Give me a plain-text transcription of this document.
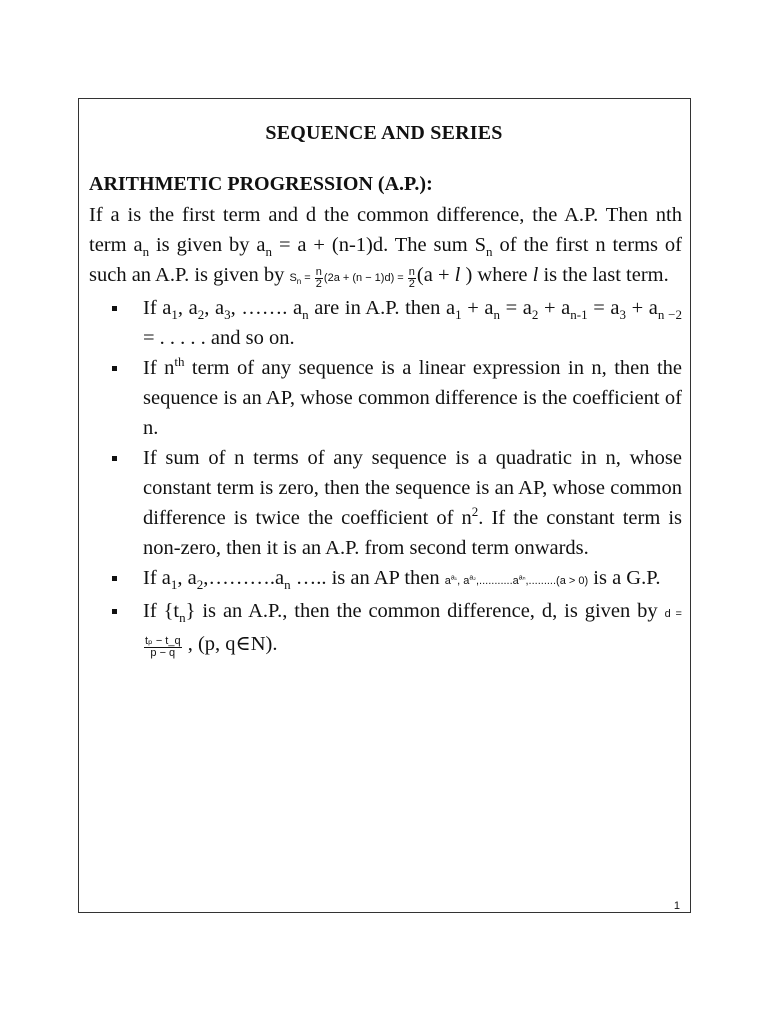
SEQUENCE AND SERIES
ARITHMETIC PROGRESSION (A.P.):

If a is the first term and d the common difference, the A.P. Then nth term $a_n$ is given by $a_n = a + (n-1)d$. The sum $S_n$ of the first n terms of such an A.P. is given by $S_n = \frac{n}{2} (2a + (n - 1)d) = \frac{n}{2} (a + l$ ) where l is the last term.

If $a_1$, $a_2$, $a_3$, ……. $a_n$ are in A.P. then $a_1 + a_n = a_2 + a_{n-1} = a_3 + a_{n -2}$ = . . . . . and so on.
If $n^{th}$ term of any sequence is a linear expression in n, then the sequence is an AP, whose common difference is the coefficient of n.
If sum of n terms of any sequence is a quadratic in n, whose constant term is zero, then the sequence is an AP, whose common difference is twice the coefficient of $n^2$. If the constant term is non-zero, then it is an A.P. from second term onwards.
If $a_1$, $a_2,\dots\dots\dots.a_n$ ….. is an AP then $a^{a_1}$, $a^{a_2},...........a^{a_n},.........(a > 0)$ is a G.P.
If $\{t_n\}$ is an A.P., then the common difference, d, is given by d =
$\frac{\text{tₚ − t\_q}}{p - q}$ , (p, q∈N).
1
